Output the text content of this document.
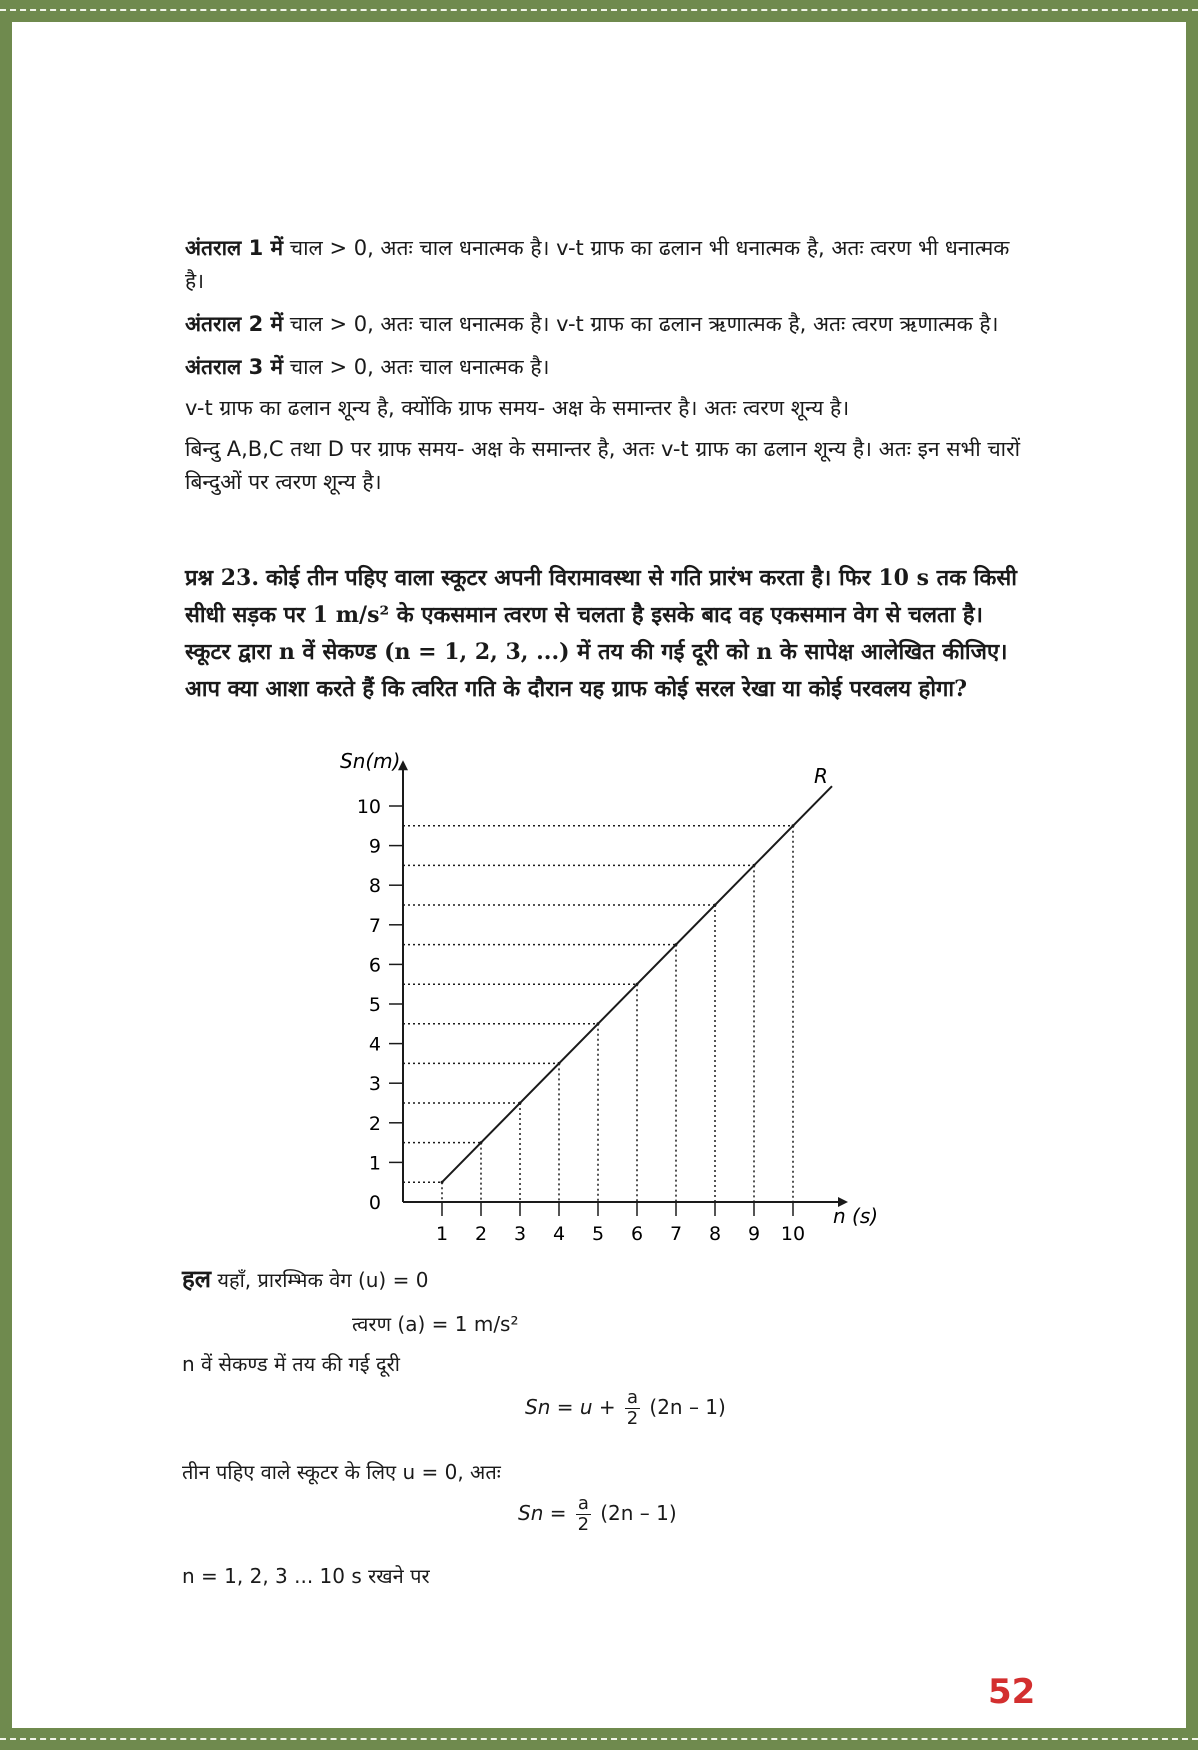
अंतराल 1 में चाल > 0, अतः चाल धनात्मक है। v-t ग्राफ का ढलान भी धनात्मक है, अतः त्वरण भी धनात्मक है।

अंतराल 2 में चाल > 0, अतः चाल धनात्मक है। v-t ग्राफ का ढलान ऋणात्मक है, अतः त्वरण ऋणात्मक है।

अंतराल 3 में चाल > 0, अतः चाल धनात्मक है।

v-t ग्राफ का ढलान शून्य है, क्योंकि ग्राफ समय- अक्ष के समान्तर है। अतः त्वरण शून्य है।

बिन्दु A,B,C तथा D पर ग्राफ समय- अक्ष के समान्तर है, अतः v-t ग्राफ का ढलान शून्य है। अतः इन सभी चारों बिन्दुओं पर त्वरण शून्य है।

प्रश्न 23. कोई तीन पहिए वाला स्कूटर अपनी विरामावस्था से गति प्रारंभ करता है। फिर 10 s तक किसी सीधी सड़क पर 1 m/s² के एकसमान त्वरण से चलता है इसके बाद वह एकसमान वेग से चलता है। स्कूटर द्वारा n वें सेकण्ड (n = 1, 2, 3, ...) में तय की गई दूरी को n के सापेक्ष आलेखित कीजिए। आप क्या आशा करते हैं कि त्वरित गति के दौरान यह ग्राफ कोई सरल रेखा या कोई परवलय होगा?
0
1
2
3
4
5
6
7
8
9
10
1 2 3 4 5 6 7 8 9 10
Sn(m)
n (s)
R
हल यहाँ, प्रारम्भिक वेग (u) = 0
त्वरण (a) = 1 m/s²
n वें सेकण्ड में तय की गई दूरी
$Sn = u + \frac{a}{2} (2n - 1)$
तीन पहिए वाले स्कूटर के लिए u = 0, अतः
$Sn = \frac{a}{2} (2n - 1)$
n = 1, 2, 3 ... 10 s रखने पर
52
